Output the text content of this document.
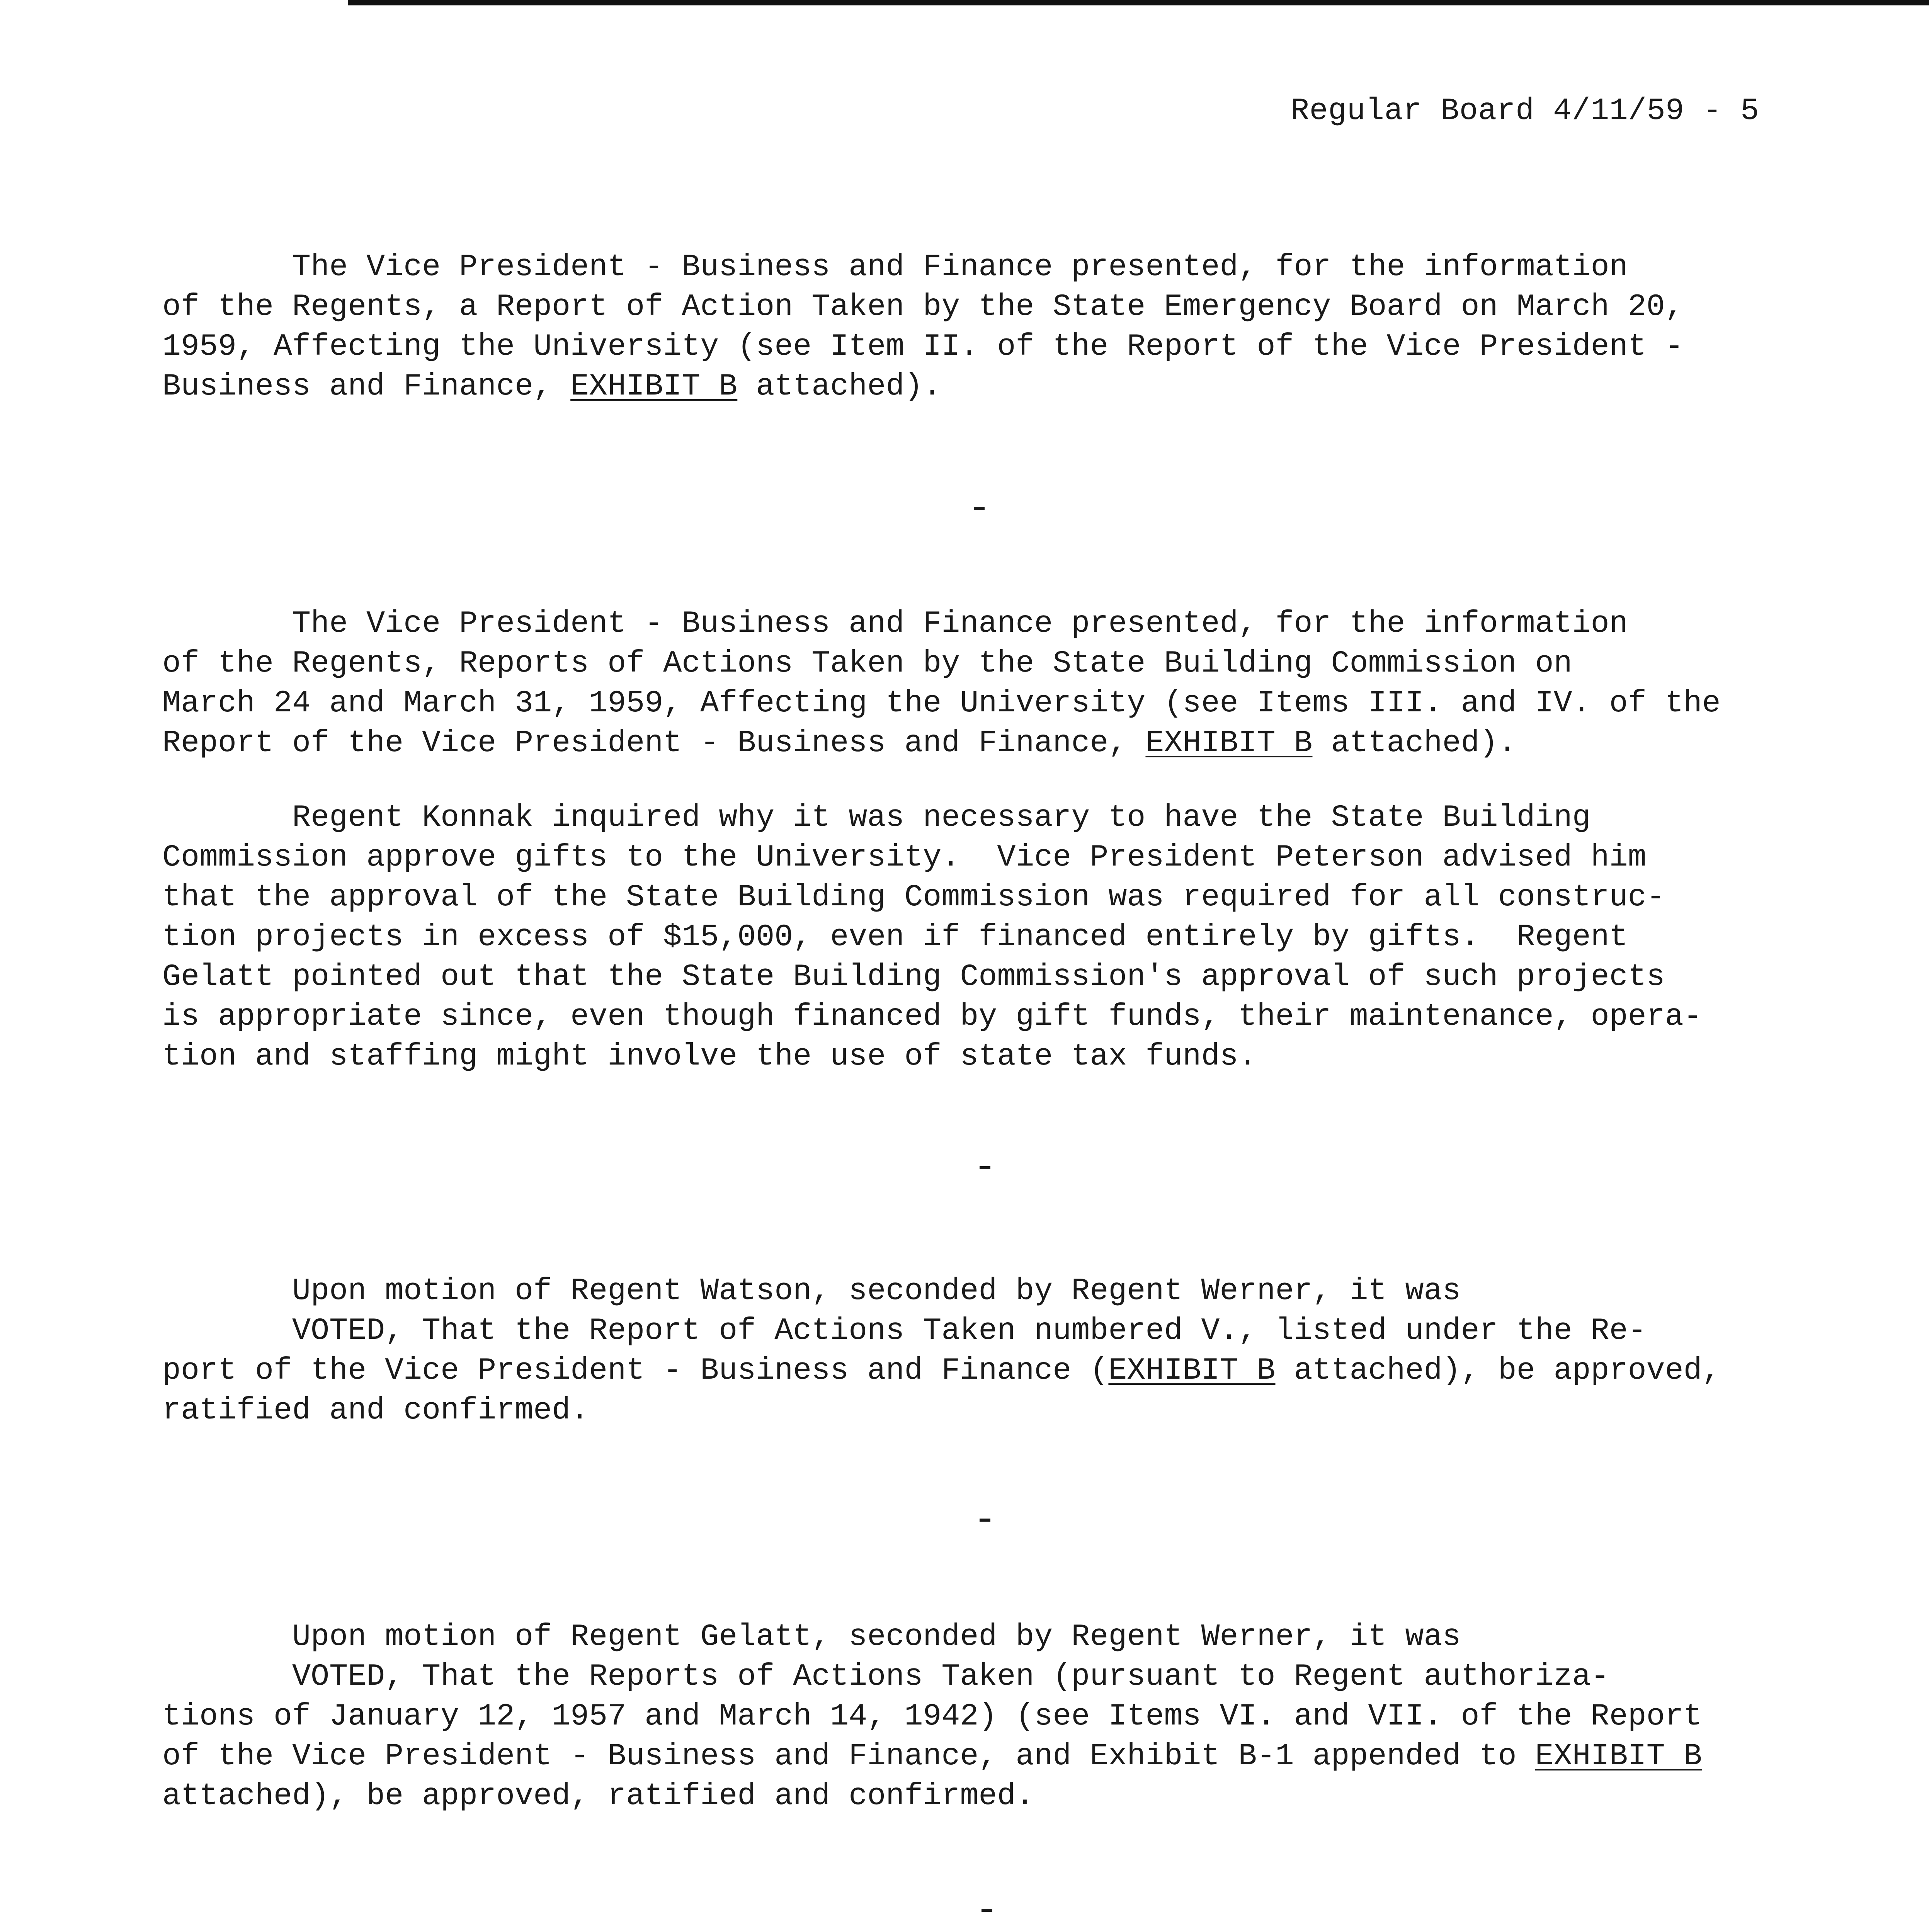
Regular Board 4/11/59 - 5
The Vice President - Business and Finance presented, for the information
of the Regents, a Report of Action Taken by the State Emergency Board on March 20,
1959, Affecting the University (see Item II. of the Report of the Vice President -
Business and Finance, EXHIBIT B attached).
The Vice President - Business and Finance presented, for the information
of the Regents, Reports of Actions Taken by the State Building Commission on
March 24 and March 31, 1959, Affecting the University (see Items III. and IV. of the
Report of the Vice President - Business and Finance, EXHIBIT B attached).
Regent Konnak inquired why it was necessary to have the State Building
Commission approve gifts to the University.  Vice President Peterson advised him
that the approval of the State Building Commission was required for all construc-
tion projects in excess of $15,000, even if financed entirely by gifts.  Regent
Gelatt pointed out that the State Building Commission's approval of such projects
is appropriate since, even though financed by gift funds, their maintenance, opera-
tion and staffing might involve the use of state tax funds.
Upon motion of Regent Watson, seconded by Regent Werner, it was
VOTED, That the Report of Actions Taken numbered V., listed under the Re-
port of the Vice President - Business and Finance (EXHIBIT B attached), be approved,
ratified and confirmed.
Upon motion of Regent Gelatt, seconded by Regent Werner, it was
VOTED, That the Reports of Actions Taken (pursuant to Regent authoriza-
tions of January 12, 1957 and March 14, 1942) (see Items VI. and VII. of the Report
of the Vice President - Business and Finance, and Exhibit B-1 appended to EXHIBIT B
attached), be approved, ratified and confirmed.
